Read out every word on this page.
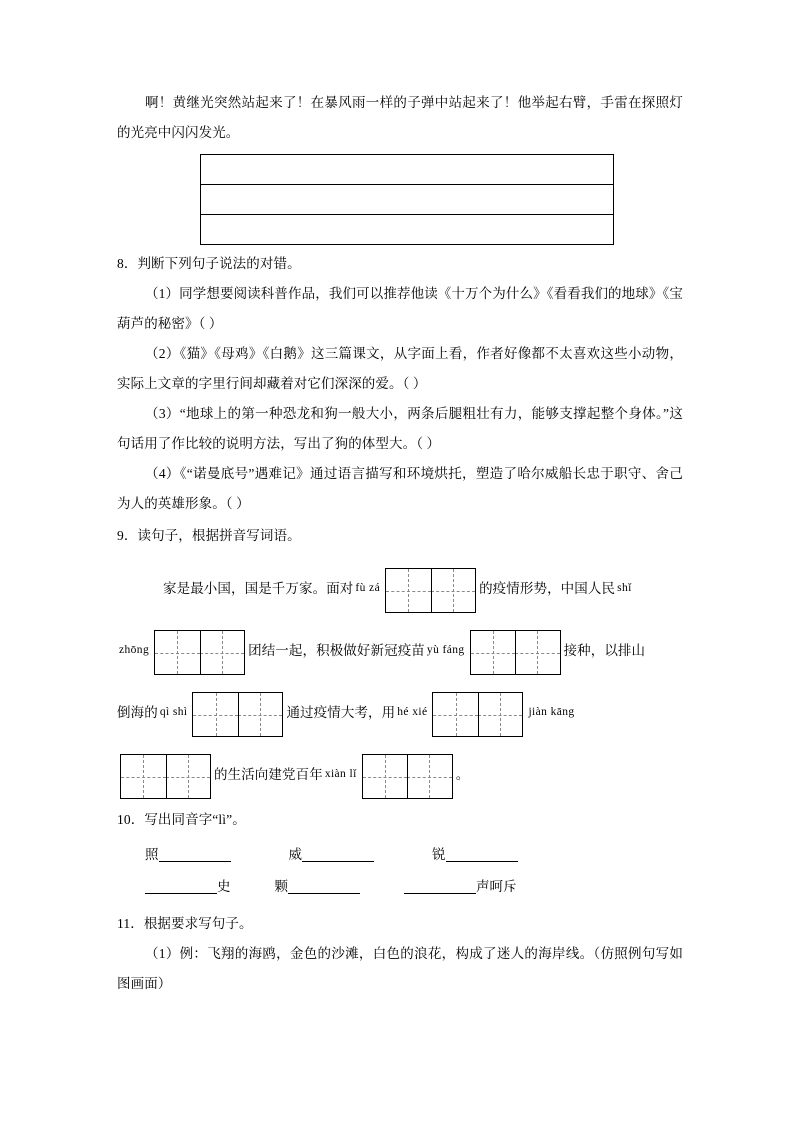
啊！黄继光突然站起来了！在暴风雨一样的子弹中站起来了！他举起右臂，手雷在探照灯的光亮中闪闪发光。

8．判断下列句子说法的对错。

（1）同学想要阅读科普作品，我们可以推荐他读《十万个为什么》《看看我们的地球》《宝葫芦的秘密》（ ）

（2）《猫》《母鸡》《白鹅》这三篇课文，从字面上看，作者好像都不太喜欢这些小动物，实际上文章的字里行间却藏着对它们深深的爱。（ ）

（3）“地球上的第一种恐龙和狗一般大小，两条后腿粗壮有力，能够支撑起整个身体。”这句话用了作比较的说明方法，写出了狗的体型大。（ ）

（4）《“诺曼底号”遇难记》通过语言描写和环境烘托，塑造了哈尔威船长忠于职守、舍己为人的英雄形象。（ ）

9．读句子，根据拼音写词语。

家是最小国，国是千万家。面对 fù zá	的疫情形势，中国人民 shǐ
zhōng	团结一起，积极做好新冠疫苗 yù fáng	接种，以排山
倒海的 qì shì	通过疫情大考，用 hé xié	jiàn kāng
的生活向建党百年 xiàn lǐ	。

10．写出同音字“lì”。

照	威	锐

史	颗	声呵斥

11．根据要求写句子。

（1）例：飞翔的海鸥，金色的沙滩，白色的浪花，构成了迷人的海岸线。（仿照例句写如图画面）
